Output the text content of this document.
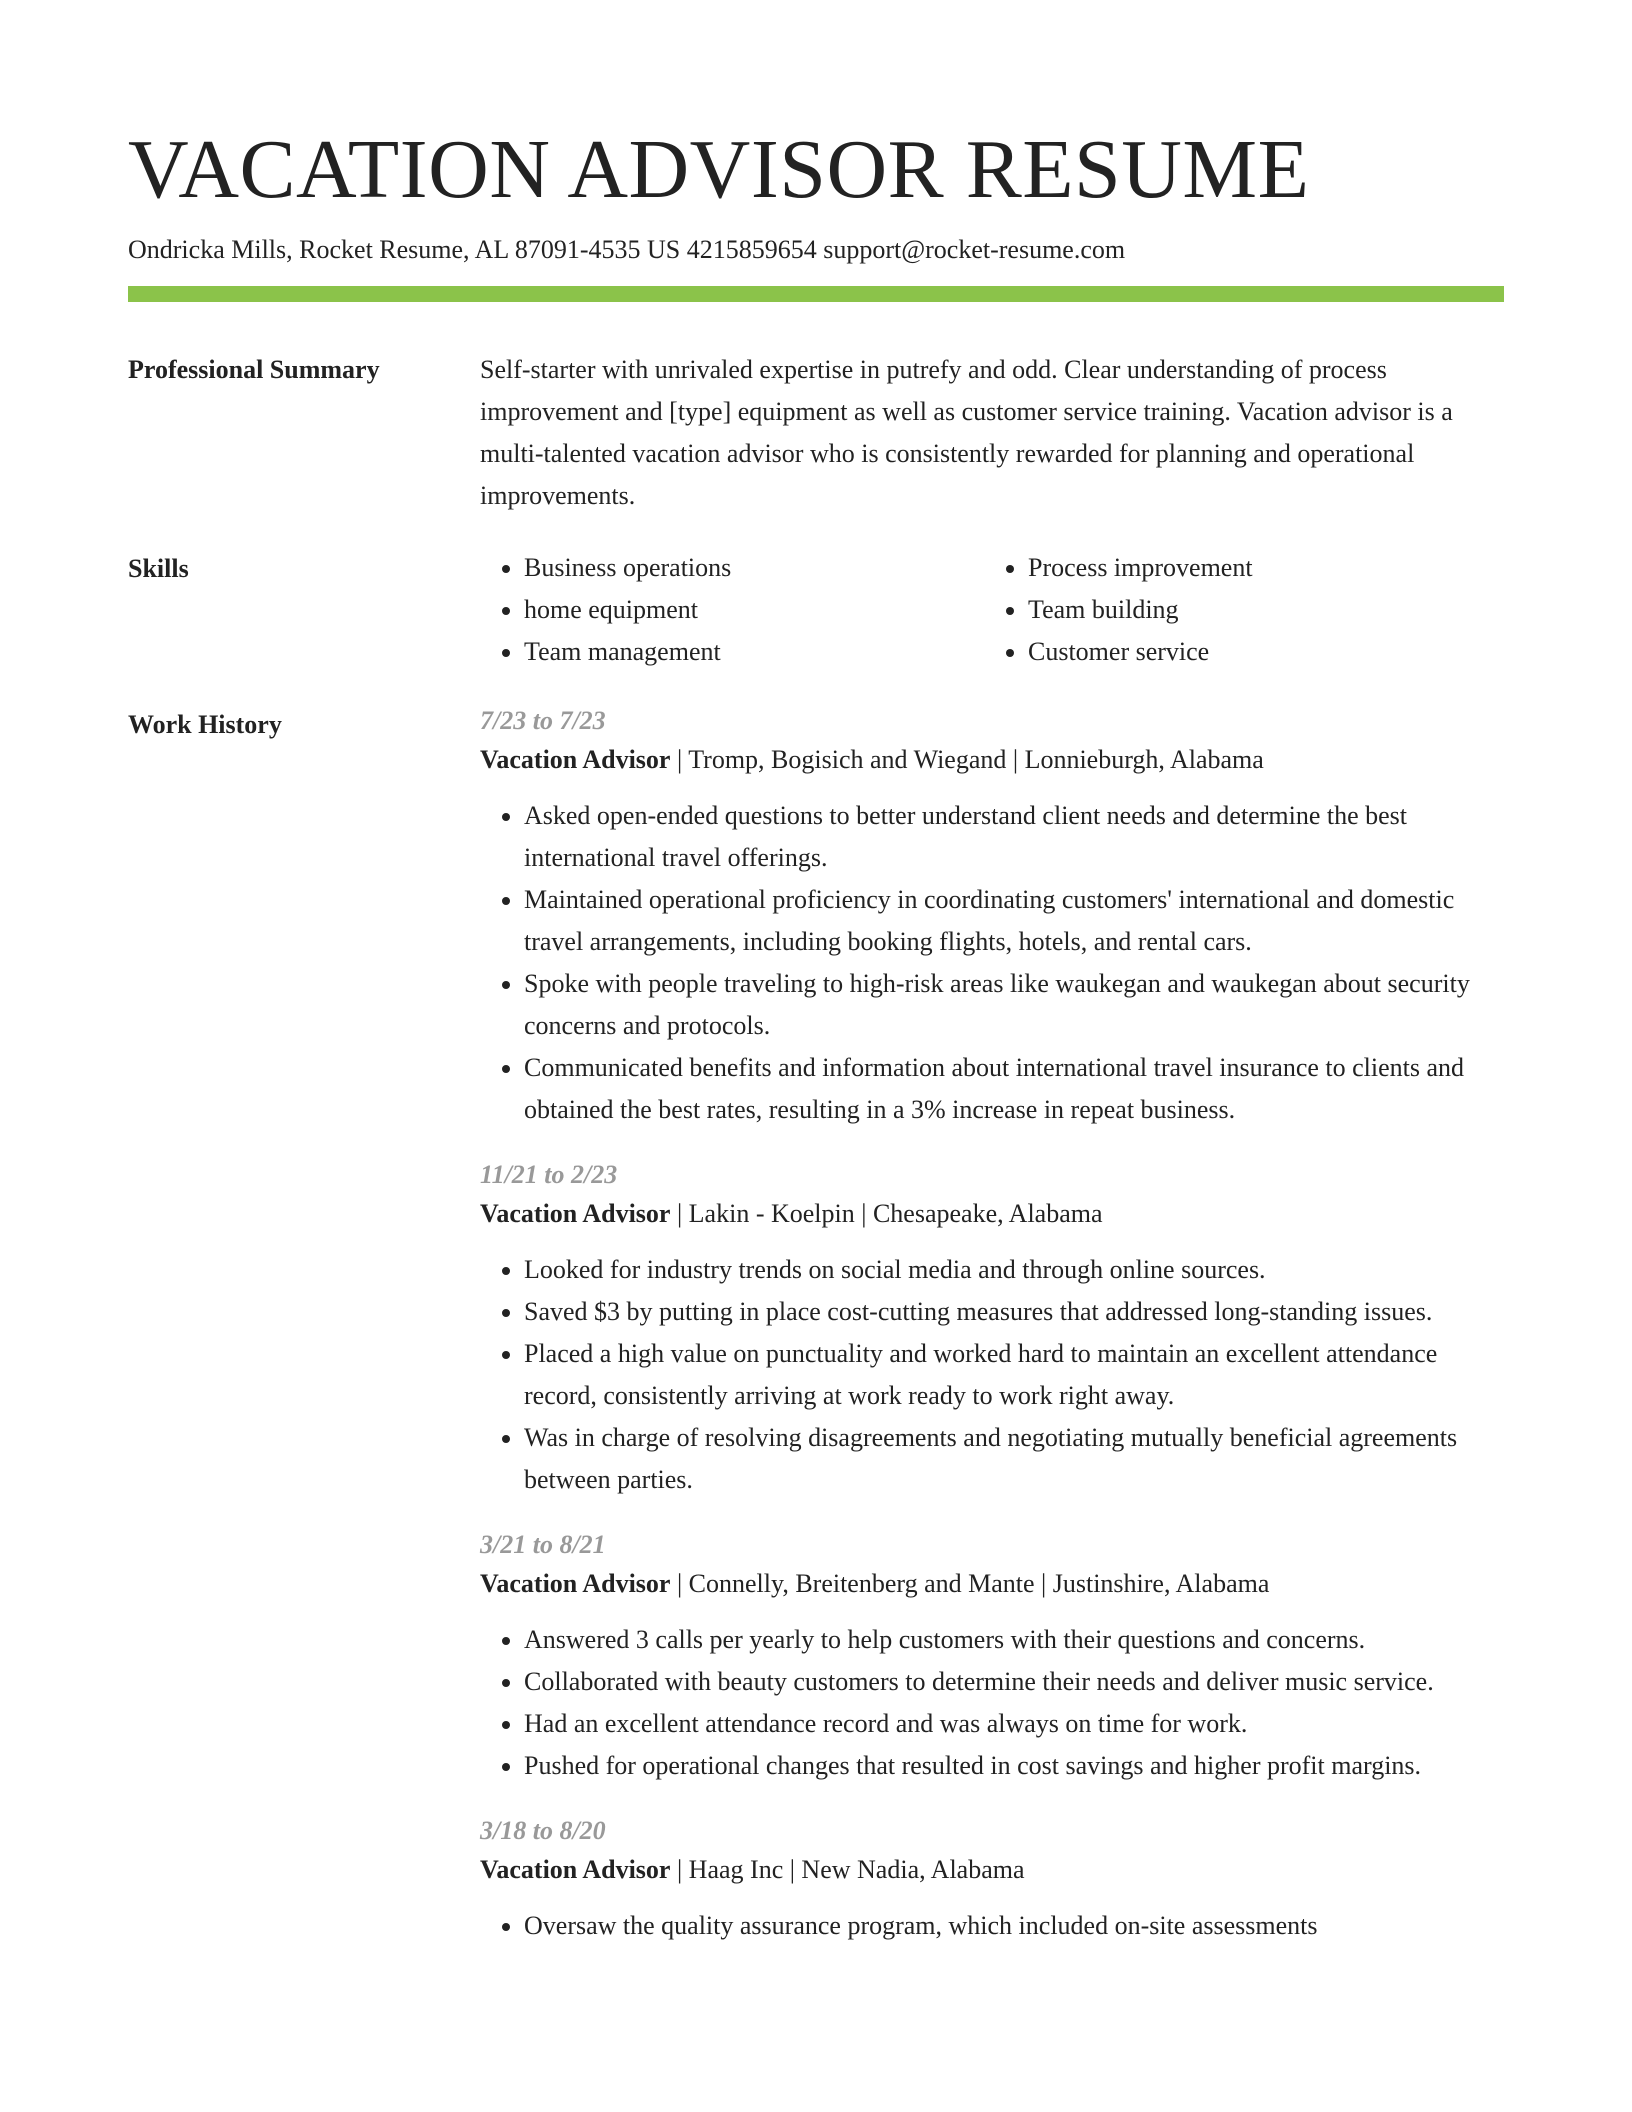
VACATION ADVISOR RESUME
Ondricka Mills, Rocket Resume, AL 87091-4535 US 4215859654 support@rocket-resume.com
Professional Summary	Self-starter with unrivaled expertise in putrefy and odd. Clear understanding of process improvement and [type] equipment as well as customer service training. Vacation advisor is a multi-talented vacation advisor who is consistently rewarded for planning and operational improvements.

Skills
•	Business operations
• home equipment
• Team management
• Process improvement
• Team building
• Customer service
Work History	7/23 to 7/23
Vacation Advisor | Tromp, Bogisich and Wiegand | Lonnieburgh, Alabama
• Asked open-ended questions to better understand client needs and determine the best international travel offerings.
• Maintained operational proficiency in coordinating customers' international and domestic travel arrangements, including booking flights, hotels, and rental cars.
• Spoke with people traveling to high-risk areas like waukegan and waukegan about security concerns and protocols.
• Communicated benefits and information about international travel insurance to clients and obtained the best rates, resulting in a 3% increase in repeat business.
11/21 to 2/23
Vacation Advisor | Lakin - Koelpin | Chesapeake, Alabama
• Looked for industry trends on social media and through online sources.
• Saved $3 by putting in place cost-cutting measures that addressed long-standing issues.
• Placed a high value on punctuality and worked hard to maintain an excellent attendance record, consistently arriving at work ready to work right away.
• Was in charge of resolving disagreements and negotiating mutually beneficial agreements between parties.
3/21 to 8/21
Vacation Advisor | Connelly, Breitenberg and Mante | Justinshire, Alabama
• Answered 3 calls per yearly to help customers with their questions and concerns.
• Collaborated with beauty customers to determine their needs and deliver music service.
• Had an excellent attendance record and was always on time for work.
• Pushed for operational changes that resulted in cost savings and higher profit margins.
3/18 to 8/20
Vacation Advisor | Haag Inc | New Nadia, Alabama
• Oversaw the quality assurance program, which included on-site assessments
